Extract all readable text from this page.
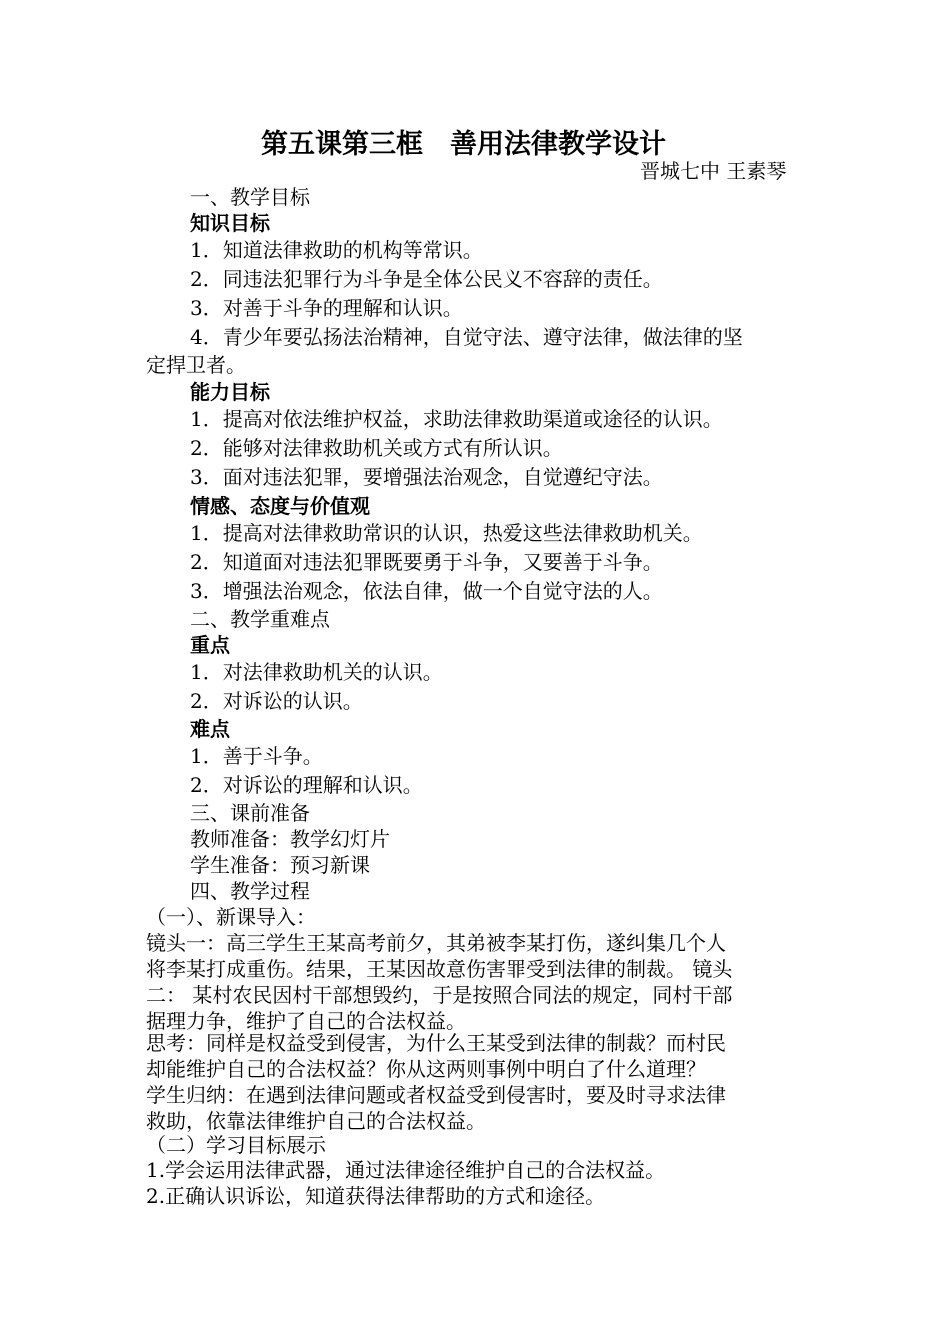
第五课第三框　善用法律教学设计
晋城七中 王素琴
一、教学目标
知识目标
1．知道法律救助的机构等常识。
2．同违法犯罪行为斗争是全体公民义不容辞的责任。
3．对善于斗争的理解和认识。
4．青少年要弘扬法治精神，自觉守法、遵守法律，做法律的坚
定捍卫者。
能力目标
1．提高对依法维护权益，求助法律救助渠道或途径的认识。
2．能够对法律救助机关或方式有所认识。
3．面对违法犯罪，要增强法治观念，自觉遵纪守法。
情感、态度与价值观
1．提高对法律救助常识的认识，热爱这些法律救助机关。
2．知道面对违法犯罪既要勇于斗争，又要善于斗争。
3．增强法治观念，依法自律，做一个自觉守法的人。
二、教学重难点
重点
1．对法律救助机关的认识。
2．对诉讼的认识。
难点
1．善于斗争。
2．对诉讼的理解和认识。
三、课前准备
教师准备：教学幻灯片
学生准备：预习新课
四、教学过程
（一）、新课导入：
镜头一：高三学生王某高考前夕，其弟被李某打伤，遂纠集几个人
将李某打成重伤。结果，王某因故意伤害罪受到法律的制裁。 镜头
二： 某村农民因村干部想毁约，于是按照合同法的规定，同村干部
据理力争，维护了自己的合法权益。
思考：同样是权益受到侵害，为什么王某受到法律的制裁？而村民
却能维护自己的合法权益？你从这两则事例中明白了什么道理？
学生归纳：在遇到法律问题或者权益受到侵害时，要及时寻求法律
救助，依靠法律维护自己的合法权益。
（二）学习目标展示
1.学会运用法律武器，通过法律途径维护自己的合法权益。
2.正确认识诉讼，知道获得法律帮助的方式和途径。
